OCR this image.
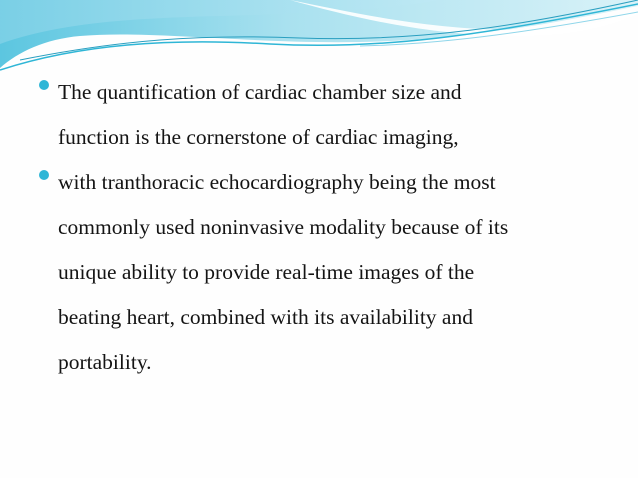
The quantification of cardiac chamber size and
function is the cornerstone of cardiac imaging,

with tranthoracic echocardiography being the most
commonly used noninvasive modality because of its
unique ability to provide real-time images of the
beating heart, combined with its availability and
portability.
